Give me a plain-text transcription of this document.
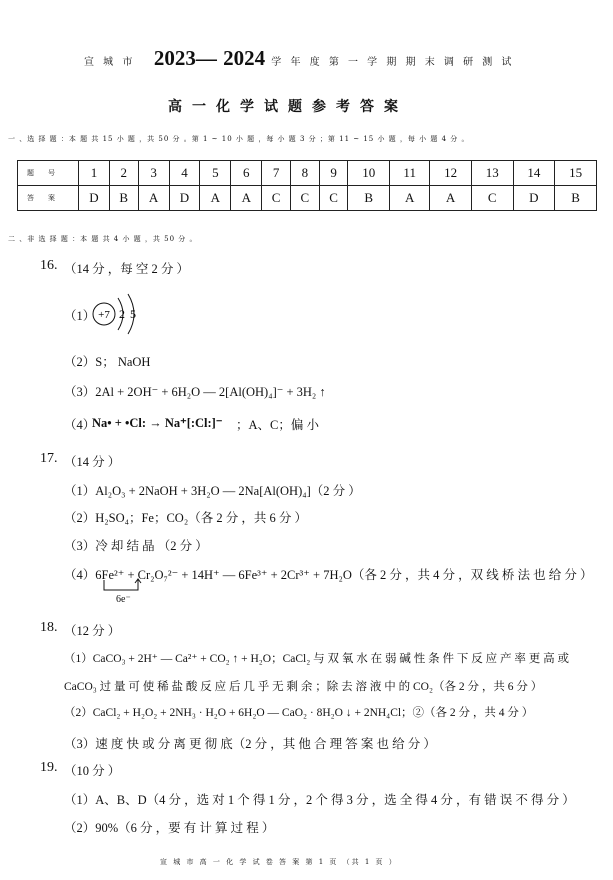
宣 城 市 2023— 2024 学 年 度 第 一 学 期 期 末 调 研 测 试
高一化学试题参考答案
一 、选 择 题 ：本 题 共 15 小 题 ，共 50 分 。第 1 ~ 10 小 题 ，每 小 题 3 分 ；第 11 ~ 15 小 题 ，每 小 题 4 分 。
题号	1	2	3	4	5	6	7	8	9	10	11	12	13	14	15
答案	D	B	A	D	A	A	C	C	C	B	A	A	C	D	B
二 、非 选 择 题 ：本 题 共 4 小 题 ，共 50 分 。
16. （14 分 ，每 空 2 分 ）
（1） +7 2 5
（2）S； NaOH
（3）2Al + 2OH⁻ + 6H₂O — 2[Al(OH)₄]⁻ + 3H₂ ↑
（4）
Na• + •Cl: → Na⁺[:Cl:]⁻ ；A、C；偏 小
17. （14 分 ）
（1）Al₂O₃ + 2NaOH + 3H₂O — 2Na[Al(OH)₄]（2 分 ）
（2）H₂SO₄；Fe；CO₂（各 2 分 ，共 6 分 ）
（3）冷 却 结 晶 （2 分 ）
（4）6Fe²⁺ + Cr₂O₇²⁻ + 14H⁺ — 6Fe³⁺ + 2Cr³⁺ + 7H₂O（各 2 分 ，共 4 分 ，双 线 桥 法 也 给 分 ）
6e⁻
18. （12 分 ）
（1）CaCO₃ + 2H⁺ — Ca²⁺ + CO₂ ↑ + H₂O；CaCl₂ 与 双 氧 水 在 弱 碱 性 条 件 下 反 应 产 率 更 高 或
CaCO₃ 过 量 可 使 稀 盐 酸 反 应 后 几 乎 无 剩 余 ；除 去 溶 液 中 的 CO₂（各 2 分 ，共 6 分 ）
（2）CaCl₂ + H₂O₂ + 2NH₃ · H₂O + 6H₂O — CaO₂ · 8H₂O ↓ + 2NH₄Cl；②（各 2 分 ，共 4 分 ）
（3）速 度 快 或 分 离 更 彻 底（2 分 ，其 他 合 理 答 案 也 给 分 ）
19. （10 分 ）
（1）A、B、D（4 分 ，选 对 1 个 得 1 分 ，2 个 得 3 分 ，选 全 得 4 分 ，有 错 误 不 得 分 ）
（2）90%（6 分 ，要 有 计 算 过 程 ）
宣 城 市 高 一 化 学 试 卷 答 案 第 1 页 （共 1 页 ）
